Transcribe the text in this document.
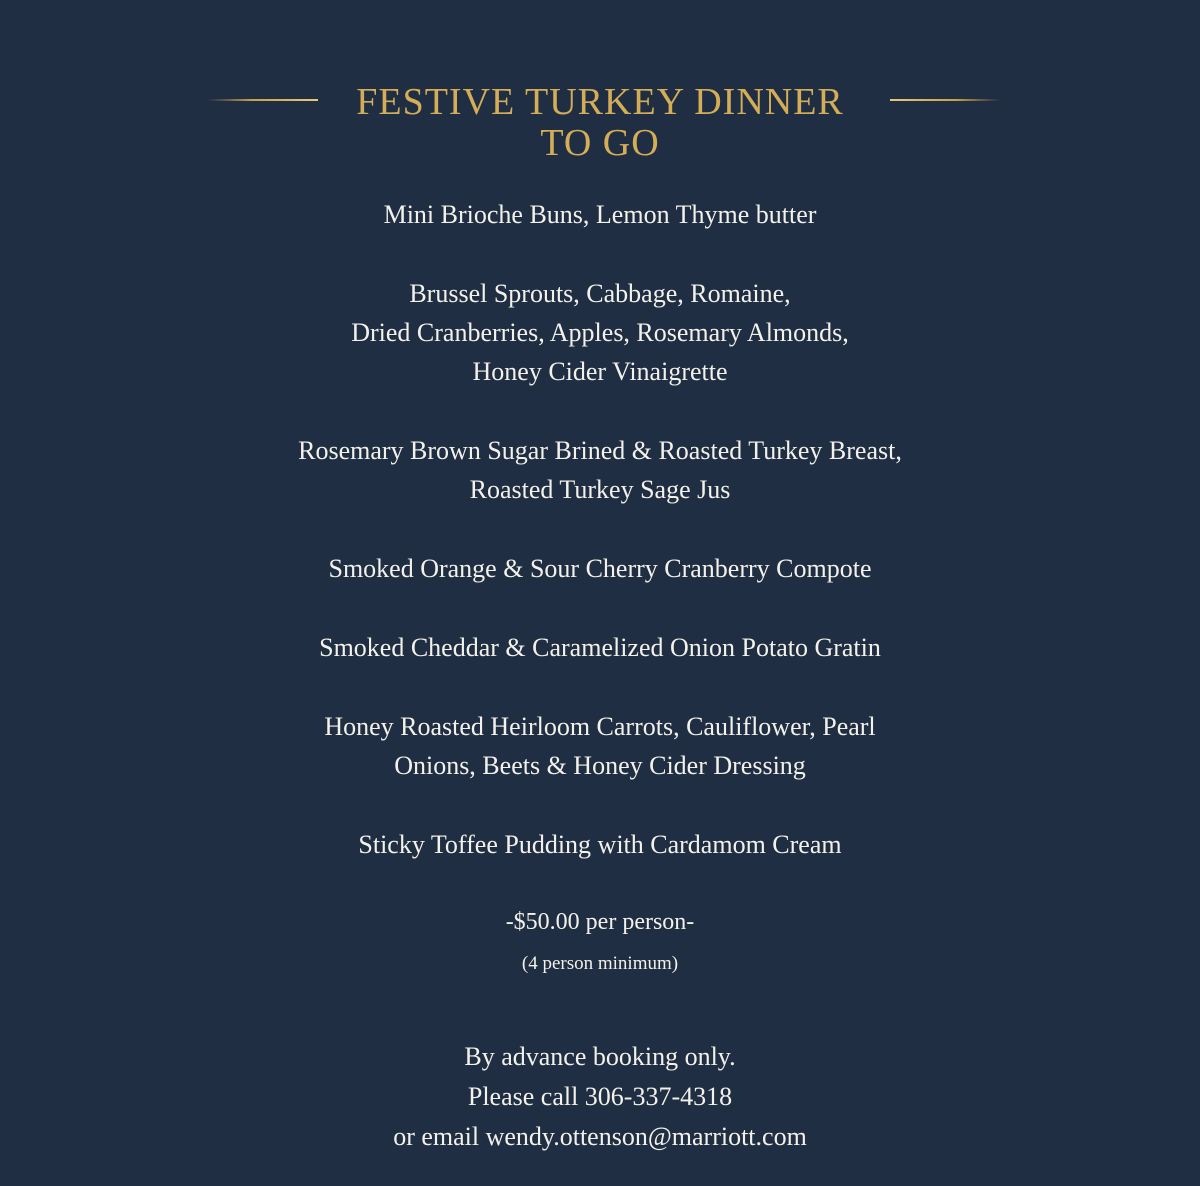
FESTIVE TURKEY DINNER
TO GO
Mini Brioche Buns, Lemon Thyme butter
Brussel Sprouts, Cabbage, Romaine,
Dried Cranberries, Apples, Rosemary Almonds,
Honey Cider Vinaigrette
Rosemary Brown Sugar Brined & Roasted Turkey Breast,
Roasted Turkey Sage Jus
Smoked Orange & Sour Cherry Cranberry Compote
Smoked Cheddar & Caramelized Onion Potato Gratin
Honey Roasted Heirloom Carrots, Cauliflower, Pearl
Onions, Beets & Honey Cider Dressing
Sticky Toffee Pudding with Cardamom Cream
-$50.00 per person-
(4 person minimum)
By advance booking only.
Please call 306-337-4318
or email wendy.ottenson@marriott.com
